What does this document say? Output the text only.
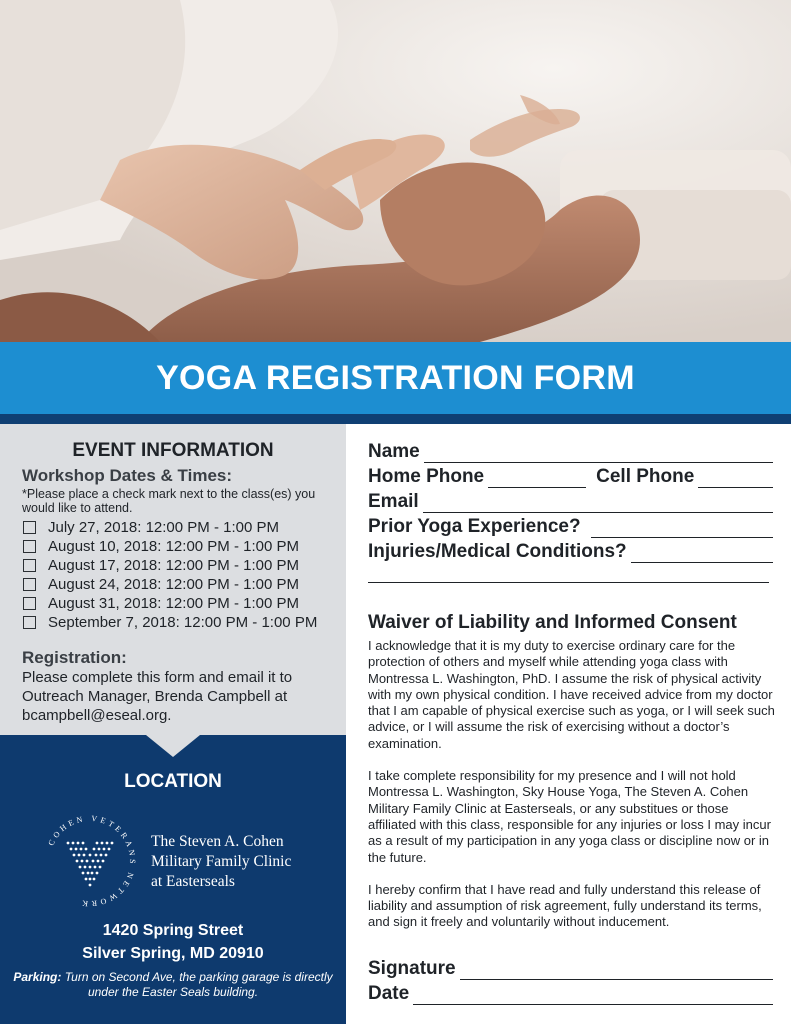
YOGA REGISTRATION FORM
EVENT INFORMATION
Workshop Dates & Times:
*Please place a check mark next to the class(es) you would like to attend.
July 27, 2018: 12:00 PM - 1:00 PM
August 10, 2018: 12:00 PM - 1:00 PM
August 17, 2018: 12:00 PM - 1:00 PM
August 24, 2018: 12:00 PM - 1:00 PM
August 31, 2018: 12:00 PM - 1:00 PM
September 7, 2018: 12:00 PM - 1:00 PM
Registration:
Please complete this form and email it to Outreach Manager, Brenda Campbell at bcampbell@eseal.org.
LOCATION
COHEN VETERANS NETWORK
The Steven A. Cohen
Military Family Clinic
at Easterseals
1420 Spring Street
Silver Spring, MD 20910
Parking: Turn on Second Ave, the parking garage is directly under the Easter Seals building.
Name
Home Phone	Cell Phone
Email
Prior Yoga Experience?
Injuries/Medical Conditions?
Waiver of Liability and Informed Consent

I acknowledge that it is my duty to exercise ordinary care for the protection of others and myself while attending yoga class with Montressa L. Washington, PhD. I assume the risk of physical activity with my own physical condition. I have received advice from my doctor that I am capable of physical exercise such as yoga, or I will seek such advice, or I will assume the risk of exercising without a doctor’s examination.

I take complete responsibility for my presence and I will not hold Montressa L. Washington, Sky House Yoga, The Steven A. Cohen Military Family Clinic at Easterseals, or any substitues or those affiliated with this class, responsible for any injuries or loss I may incur as a result of my participation in any yoga class or discipline now or in the future.

I hereby confirm that I have read and fully understand this release of liability and assumption of risk agreement, fully understand its terms, and sign it freely and voluntarily without inducement.

Signature
Date
